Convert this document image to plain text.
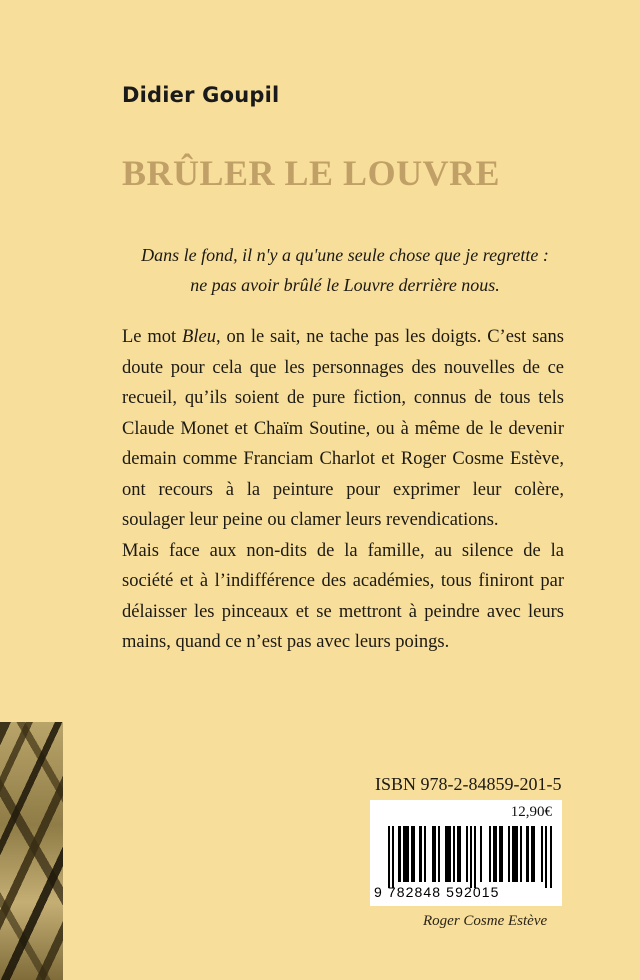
Didier Goupil
BRÛLER LE LOUVRE
Dans le fond, il n'y a qu'une seule chose que je regrette :
ne pas avoir brûlé le Louvre derrière nous.

Le mot Bleu, on le sait, ne tache pas les doigts. C’est sans doute pour cela que les personnages des nouvelles de ce recueil, qu’ils soient de pure fiction, connus de tous tels Claude Monet et Chaïm Soutine, ou à même de le devenir demain comme Franciam Charlot et Roger Cosme Estève, ont recours à la peinture pour exprimer leur colère, soulager leur peine ou clamer leurs revendications.

Mais face aux non-dits de la famille, au silence de la société et à l’indifférence des académies, tous finiront par délaisser les pinceaux et se mettront à peindre avec leurs mains, quand ce n’est pas avec leurs poings.

ISBN 978-2-84859-201-5
12,90€
9 782848 592015
Roger Cosme Estève
